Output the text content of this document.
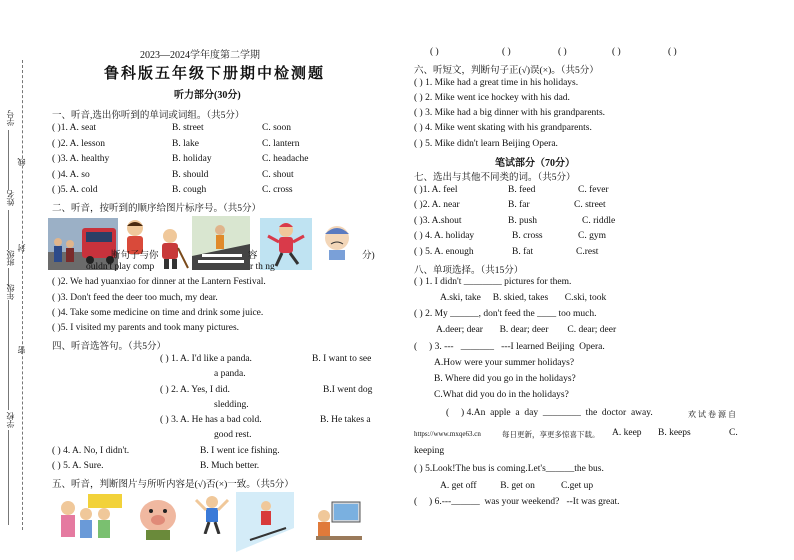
学号
姓名
班级
年级
学校
线
封
密
2023—2024学年度第二学期
鲁科版五年级下册期中检测题
听力部分(30分)
一、听音,选出你听到的单词或词组。（共5分）
( )1. A. seat	B. street	C. soon
( )2. A. lesson	B. lake	C. lantern
( )3. A. healthy	B. holiday	C. headache
( )4. A. so	B. should	C. shout
( )5. A. cold	B. cough	C. cross
二、听音，按听到的顺序给图片标序号。（共5分）
断句子与你	容	分)
ouldn't play comp	r th ng
( )2. We had yuanxiao for dinner at the Lantern Festival.
( )3. Don't feed the deer too much, my dear.
( )4. Take some medicine on time and drink some juice.
( )5. I visited my parents and took many pictures.
四、听音选答句。（共5分）
( ) 1. A. I'd like a panda.	B. I want to see
a panda.
( ) 2. A. Yes, I did.	B.I went dog
sledding.
( ) 3. A. He has a bad cold.	B. He takes a
good rest.
( ) 4. A. No, I didn't.	B. I went ice fishing.
( ) 5. A. Sure.	B. Much better.
五、听音，判断图片与所听内容是(√)否(×)一致。（共5分）
( )	( )	( )	( )	( )
六、听短文，判断句子正(√)误(×)。（共5分）
( ) 1. Mike had a great time in his holidays.
( ) 2. Mike went ice hockey with his dad.
( ) 3. Mike had a big dinner with his grandparents.
( ) 4. Mike went skating with his grandparents.
( ) 5. Mike didn't learn Beijing Opera.
笔试部分（70分）
七、选出与其他不同类的词。（共5分）
( )1. A. feel	B. feed	C. fever
( )2. A. near	B. far	C. street
( )3. A.shout	B. push	C. riddle
( ) 4. A. holiday	B. cross	C. gym
( ) 5. A. enough	B. fat	C.rest
八、单项选择。（共15分）
( ) 1. I didn't ________ pictures for them.
A.ski, take     B. skied, takes       C.ski, took
( ) 2. My ______, don't feed the ____ too much.
A.deer; dear       B. dear; deer        C. dear; deer
(     ) 3. ---   _______   ---I learned Beijing  Opera.
A.How were your summer holidays?
B. Where did you go in the holidays?
C.What did you do in the holidays?
(     ) 4.An  apple  a  day  ________  the  doctor  away.	欢 试 卷 源 自
https://www.mxqe63.cn	每日更新，享更多惊喜下载。 A. keep B. keeps	C.
keeping
( ) 5.Look!The bus is coming.Let's______the bus.
A. get off          B. get on           C.get up
(     ) 6.---______  was your weekend?   --It was great.
